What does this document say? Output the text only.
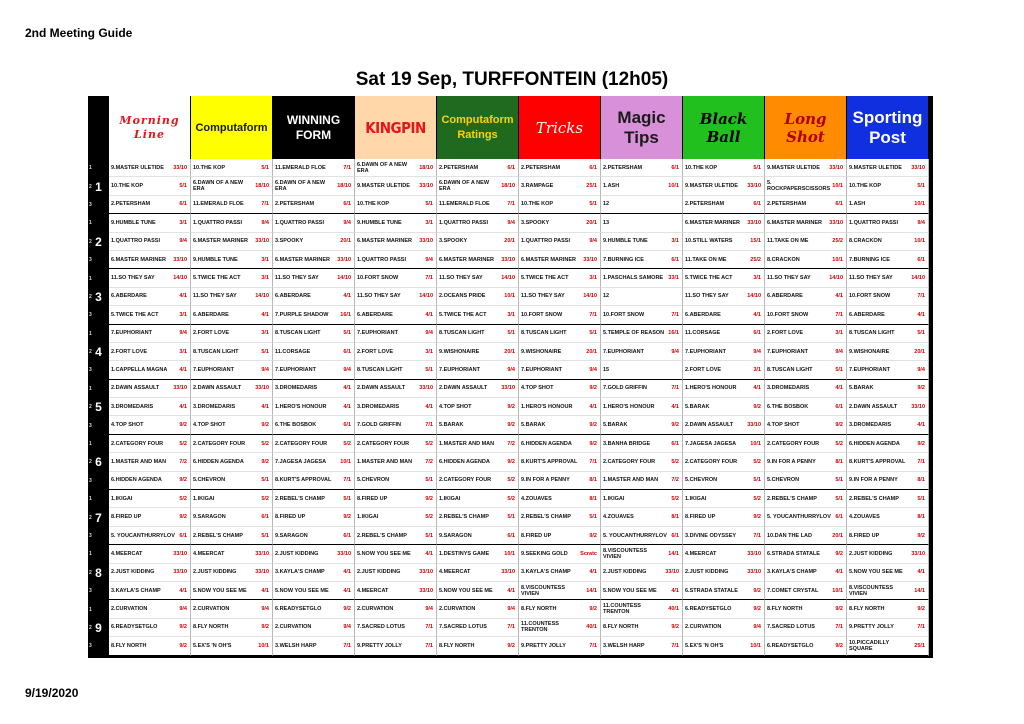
2nd Meeting Guide
Sat 19 Sep, TURFFONTEIN (12h05)
Morning Line	Computaform
WINNING FORM	KINGPIN	Computaform Ratings	Tricks
Magic Tips
Black Ball
Long Shot
Sporting Post
1
1
2
3
9.MASTER ULETIDE	33/10 10.THE KOP	5/1 11.EMERALD FLOE	7/1 6.DAWN OF A NEW ERA	18/10 2.PETERSHAM	6/1 2.PETERSHAM	6/1 2.PETERSHAM	6/1 10.THE KOP	5/1 9.MASTER ULETIDE	33/10 9.MASTER ULETIDE	33/10
10.THE KOP	5/1 6.DAWN OF A NEW ERA	18/10 6.DAWN OF A NEW ERA	18/10 9.MASTER ULETIDE	33/10 6.DAWN OF A NEW ERA	18/10 3.RAMPAGE	25/1 1.ASH	10/1 9.MASTER ULETIDE	33/10 5. ROCKPAPERSCISSORS 10/1 10.THE KOP	5/1
2.PETERSHAM	6/1 11.EMERALD FLOE	7/1 2.PETERSHAM	6/1 10.THE KOP	5/1 11.EMERALD FLOE	7/1 10.THE KOP	5/1 12	2.PETERSHAM	6/1 2.PETERSHAM	6/1 1.ASH	10/1
2
1
2
3
9.HUMBLE TUNE	3/1 1.QUATTRO PASSI	9/4 1.QUATTRO PASSI	9/4 9.HUMBLE TUNE	3/1 1.QUATTRO PASSI	9/4 3.SPOOKY	20/1 13	6.MASTER MARINER	33/10 6.MASTER MARINER	33/10 1.QUATTRO PASSI	9/4
1.QUATTRO PASSI	9/4 6.MASTER MARINER	33/10 3.SPOOKY	20/1 6.MASTER MARINER	33/10 3.SPOOKY	20/1 1.QUATTRO PASSI	9/4 9.HUMBLE TUNE	3/1 10.STILL WATERS	15/1 11.TAKE ON ME	25/2 8.CRACKON	10/1
6.MASTER MARINER	33/10 9.HUMBLE TUNE	3/1 6.MASTER MARINER	33/10 1.QUATTRO PASSI	9/4 6.MASTER MARINER	33/10 6.MASTER MARINER	33/10 7.BURNING ICE	6/1 11.TAKE ON ME	25/2 8.CRACKON	10/1 7.BURNING ICE	6/1
3
1
2
3
11.SO THEY SAY	14/10 5.TWICE THE ACT	3/1 11.SO THEY SAY	14/10 10.FORT SNOW	7/1 11.SO THEY SAY	14/10 5.TWICE THE ACT	3/1 1.PASCHALS SAMORE 33/1 5.TWICE THE ACT	3/1 11.SO THEY SAY	14/10 11.SO THEY SAY	14/10
6.ABERDARE	4/1 11.SO THEY SAY	14/10 6.ABERDARE	4/1 11.SO THEY SAY	14/10 2.OCEANS PRIDE	10/1 11.SO THEY SAY	14/10 12	11.SO THEY SAY	14/10 6.ABERDARE	4/1 10.FORT SNOW	7/1
5.TWICE THE ACT	3/1 6.ABERDARE	4/1 7.PURPLE SHADOW	16/1 6.ABERDARE	4/1 5.TWICE THE ACT	3/1 10.FORT SNOW	7/1 10.FORT SNOW	7/1 6.ABERDARE	4/1 10.FORT SNOW	7/1 6.ABERDARE	4/1
4
1
2
3
7.EUPHORIANT	9/4 2.FORT LOVE	3/1 8.TUSCAN LIGHT	5/1 7.EUPHORIANT	9/4 8.TUSCAN LIGHT	5/1 8.TUSCAN LIGHT	5/1 5.TEMPLE OF REASON 16/1 11.CORSAGE	6/1 2.FORT LOVE	3/1 8.TUSCAN LIGHT	5/1
2.FORT LOVE	3/1 8.TUSCAN LIGHT	5/1 11.CORSAGE	6/1 2.FORT LOVE	3/1 9.WISHONAIRE	20/1 9.WISHONAIRE	20/1 7.EUPHORIANT	9/4 7.EUPHORIANT	9/4 7.EUPHORIANT	9/4 9.WISHONAIRE	20/1
1.CAPPELLA MAGNA	4/1 7.EUPHORIANT	9/4 7.EUPHORIANT	9/4 8.TUSCAN LIGHT	5/1 7.EUPHORIANT	9/4 7.EUPHORIANT	9/4 15	2.FORT LOVE	3/1 8.TUSCAN LIGHT	5/1 7.EUPHORIANT	9/4
5
1
2
3
2.DAWN ASSAULT	33/10 2.DAWN ASSAULT	33/10 3.DROMEDARIS	4/1 2.DAWN ASSAULT	33/10 2.DAWN ASSAULT	33/10 4.TOP SHOT	9/2 7.GOLD GRIFFIN	7/1 1.HERO'S HONOUR	4/1 3.DROMEDARIS	4/1 5.BARAK	9/2
3.DROMEDARIS	4/1 3.DROMEDARIS	4/1 1.HERO'S HONOUR	4/1 3.DROMEDARIS	4/1 4.TOP SHOT	9/2 1.HERO'S HONOUR	4/1 1.HERO'S HONOUR	4/1 5.BARAK	9/2 6.THE BOSBOK	6/1 2.DAWN ASSAULT	33/10
4.TOP SHOT	9/2 4.TOP SHOT	9/2 6.THE BOSBOK	6/1 7.GOLD GRIFFIN	7/1 5.BARAK	9/2 5.BARAK	9/2 5.BARAK	9/2 2.DAWN ASSAULT	33/10 4.TOP SHOT	9/2 3.DROMEDARIS	4/1
6
1
2
3
2.CATEGORY FOUR	5/2 2.CATEGORY FOUR	5/2 2.CATEGORY FOUR	5/2 2.CATEGORY FOUR	5/2 1.MASTER AND MAN	7/2 6.HIDDEN AGENDA	9/2 3.BANHA BRIDGE	6/1 7.JAGESA JAGESA	10/1 2.CATEGORY FOUR	5/2 6.HIDDEN AGENDA	9/2
1.MASTER AND MAN	7/2 6.HIDDEN AGENDA	9/2 7.JAGESA JAGESA	10/1 1.MASTER AND MAN	7/2 6.HIDDEN AGENDA	9/2 8.KURT'S APPROVAL	7/1 2.CATEGORY FOUR	5/2 2.CATEGORY FOUR	5/2 9.IN FOR A PENNY	8/1 8.KURT'S APPROVAL	7/1
6.HIDDEN AGENDA	9/2 5.CHEVRON	5/1 8.KURT'S APPROVAL	7/1 5.CHEVRON	5/1 2.CATEGORY FOUR	5/2 9.IN FOR A PENNY	8/1 1.MASTER AND MAN	7/2 5.CHEVRON	5/1 5.CHEVRON	5/1 9.IN FOR A PENNY	8/1
7
1
2
3
1.IKIGAI	5/2 1.IKIGAI	5/2 2.REBEL'S CHAMP	5/1 8.FIRED UP	9/2 1.IKIGAI	5/2 4.ZOUAVES	8/1 1.IKIGAI	5/2 1.IKIGAI	5/2 2.REBEL'S CHAMP	5/1 2.REBEL'S CHAMP	5/1
8.FIRED UP	9/2 9.SARAGON	6/1 8.FIRED UP	9/2 1.IKIGAI	5/2 2.REBEL'S CHAMP	5/1 2.REBEL'S CHAMP	5/1 4.ZOUAVES	8/1 8.FIRED UP	9/2 5. YOUCANTHURRYLOV 6/1 4.ZOUAVES	8/1
5. YOUCANTHURRYLOV 6/1 2.REBEL'S CHAMP	5/1 9.SARAGON	6/1 2.REBEL'S CHAMP	5/1 9.SARAGON	6/1 8.FIRED UP	9/2 5. YOUCANTHURRYLOV 6/1 3.DIVINE ODYSSEY	7/1 10.DAN THE LAD	20/1 8.FIRED UP	9/2
8
1
2
3
4.MEERCAT	33/10 4.MEERCAT	33/10 2.JUST KIDDING	33/10 5.NOW YOU SEE ME	4/1 1.DESTINYS GAME	10/1 9.SEEKING GOLD	Scratc 8.VISCOUNTESS VIVIEN	14/1 4.MEERCAT	33/10 6.STRADA STATALE	9/2 2.JUST KIDDING	33/10
2.JUST KIDDING	33/10 2.JUST KIDDING	33/10 3.KAYLA'S CHAMP	4/1 2.JUST KIDDING	33/10 4.MEERCAT	33/10 3.KAYLA'S CHAMP	4/1 2.JUST KIDDING	33/10 2.JUST KIDDING	33/10 3.KAYLA'S CHAMP	4/1 5.NOW YOU SEE ME	4/1
3.KAYLA'S CHAMP	4/1 5.NOW YOU SEE ME	4/1 5.NOW YOU SEE ME	4/1 4.MEERCAT	33/10 5.NOW YOU SEE ME	4/1 8.VISCOUNTESS VIVIEN	14/1 5.NOW YOU SEE ME	4/1 6.STRADA STATALE	9/2 7.COMET CRYSTAL	10/1 8.VISCOUNTESS VIVIEN	14/1
9
1
2
3
2.CURVATION	9/4 2.CURVATION	9/4 6.READYSETGLO	9/2 2.CURVATION	9/4 2.CURVATION	9/4 8.FLY NORTH	9/2 11.COUNTESS TRENTON	40/1 6.READYSETGLO	9/2 8.FLY NORTH	9/2 8.FLY NORTH	9/2
6.READYSETGLO	9/2 8.FLY NORTH	9/2 2.CURVATION	9/4 7.SACRED LOTUS	7/1 7.SACRED LOTUS	7/1 11.COUNTESS TRENTON	40/1 8.FLY NORTH	9/2 2.CURVATION	9/4 7.SACRED LOTUS	7/1 9.PRETTY JOLLY	7/1
8.FLY NORTH	9/2 5.EX'S 'N OH'S	10/1 3.WELSH HARP	7/1 9.PRETTY JOLLY	7/1 8.FLY NORTH	9/2 9.PRETTY JOLLY	7/1 3.WELSH HARP	7/1 5.EX'S 'N OH'S	10/1 6.READYSETGLO	9/2 10.PICCADILLY SQUARE	25/1
9/19/2020
